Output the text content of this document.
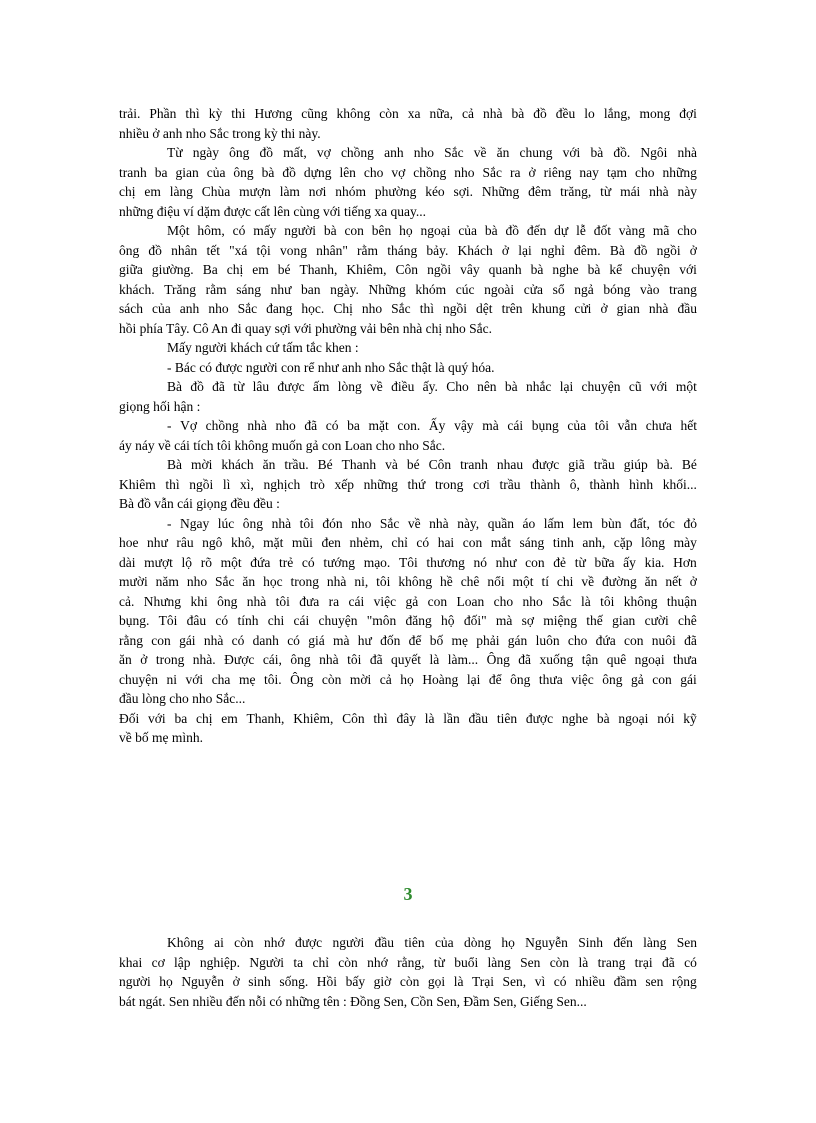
trải. Phần thì kỳ thi Hương cũng không còn xa nữa, cả nhà bà đồ đều lo lắng, mong đợi
nhiều ở anh nho Sắc trong kỳ thi này.
Từ ngày ông đồ mất, vợ chồng anh nho Sắc về ăn chung với bà đồ. Ngôi nhà
tranh ba gian của ông bà đồ dựng lên cho vợ chồng nho Sắc ra ở riêng nay tạm cho những
chị em làng Chùa mượn làm nơi nhóm phường kéo sợi. Những đêm trăng, từ mái nhà này
những điệu ví dặm được cất lên cùng với tiếng xa quay...
Một hôm, có mấy người bà con bên họ ngoại của bà đồ đến dự lễ đốt vàng mã cho
ông đồ nhân tết "xá tội vong nhân" rằm tháng bảy. Khách ở lại nghỉ đêm. Bà đồ ngồi ở
giữa giường. Ba chị em bé Thanh, Khiêm, Côn ngồi vây quanh bà nghe bà kể chuyện với
khách. Trăng rằm sáng như ban ngày. Những khóm cúc ngoài cửa sổ ngả bóng vào trang
sách của anh nho Sắc đang học. Chị nho Sắc thì ngồi dệt trên khung cửi ở gian nhà đầu
hồi phía Tây. Cô An đi quay sợi với phường vải bên nhà chị nho Sắc.
Mấy người khách cứ tấm tắc khen :
- Bác có được người con rể như anh nho Sắc thật là quý hóa.
Bà đồ đã từ lâu được ấm lòng về điều ấy. Cho nên bà nhắc lại chuyện cũ với một
giọng hối hận :
- Vợ chồng nhà nho đã có ba mặt con. Ấy vậy mà cái bụng của tôi vẫn chưa hết
áy náy về cái tích tôi không muốn gả con Loan cho nho Sắc.
Bà mời khách ăn trầu. Bé Thanh và bé Côn tranh nhau được giã trầu giúp bà. Bé
Khiêm thì ngồi lì xì, nghịch trò xếp những thứ trong cơi trầu thành ô, thành hình khối...
Bà đồ vẫn cái giọng đều đều :
- Ngay lúc ông nhà tôi đón nho Sắc về nhà này, quần áo lấm lem bùn đất, tóc đỏ
hoe như râu ngô khô, mặt mũi đen nhẻm, chỉ có hai con mắt sáng tinh anh, cặp lông mày
dài mượt lộ rõ một đứa trẻ có tướng mạo. Tôi thương nó như con đẻ từ bữa ấy kia. Hơn
mười năm nho Sắc ăn học trong nhà ni, tôi không hề chê nổi một tí chi về đường ăn nết ở
cả. Nhưng khi ông nhà tôi đưa ra cái việc gả con Loan cho nho Sắc là tôi không thuận
bụng. Tôi đâu có tính chi cái chuyện "môn đăng hộ đối" mà sợ miệng thế gian cười chê
rằng con gái nhà có danh có giá mà hư đốn để bố mẹ phải gán luôn cho đứa con nuôi đã
ăn ở trong nhà. Được cái, ông nhà tôi đã quyết là làm... Ông đã xuống tận quê ngoại thưa
chuyện ni với cha mẹ tôi. Ông còn mời cả họ Hoàng lại để ông thưa việc ông gả con gái
đầu lòng cho nho Sắc...
Đối với ba chị em Thanh, Khiêm, Côn thì đây là lần đầu tiên được nghe bà ngoại nói kỹ
về bố mẹ mình.
3
Không ai còn nhớ được người đầu tiên của dòng họ Nguyễn Sinh đến làng Sen
khai cơ lập nghiệp. Người ta chỉ còn nhớ rằng, từ buổi làng Sen còn là trang trại đã có
người họ Nguyễn ở sinh sống. Hồi bấy giờ còn gọi là Trại Sen, vì có nhiều đầm sen rộng
bát ngát. Sen nhiều đến nỗi có những tên : Đồng Sen, Cồn Sen, Đầm Sen, Giếng Sen...
